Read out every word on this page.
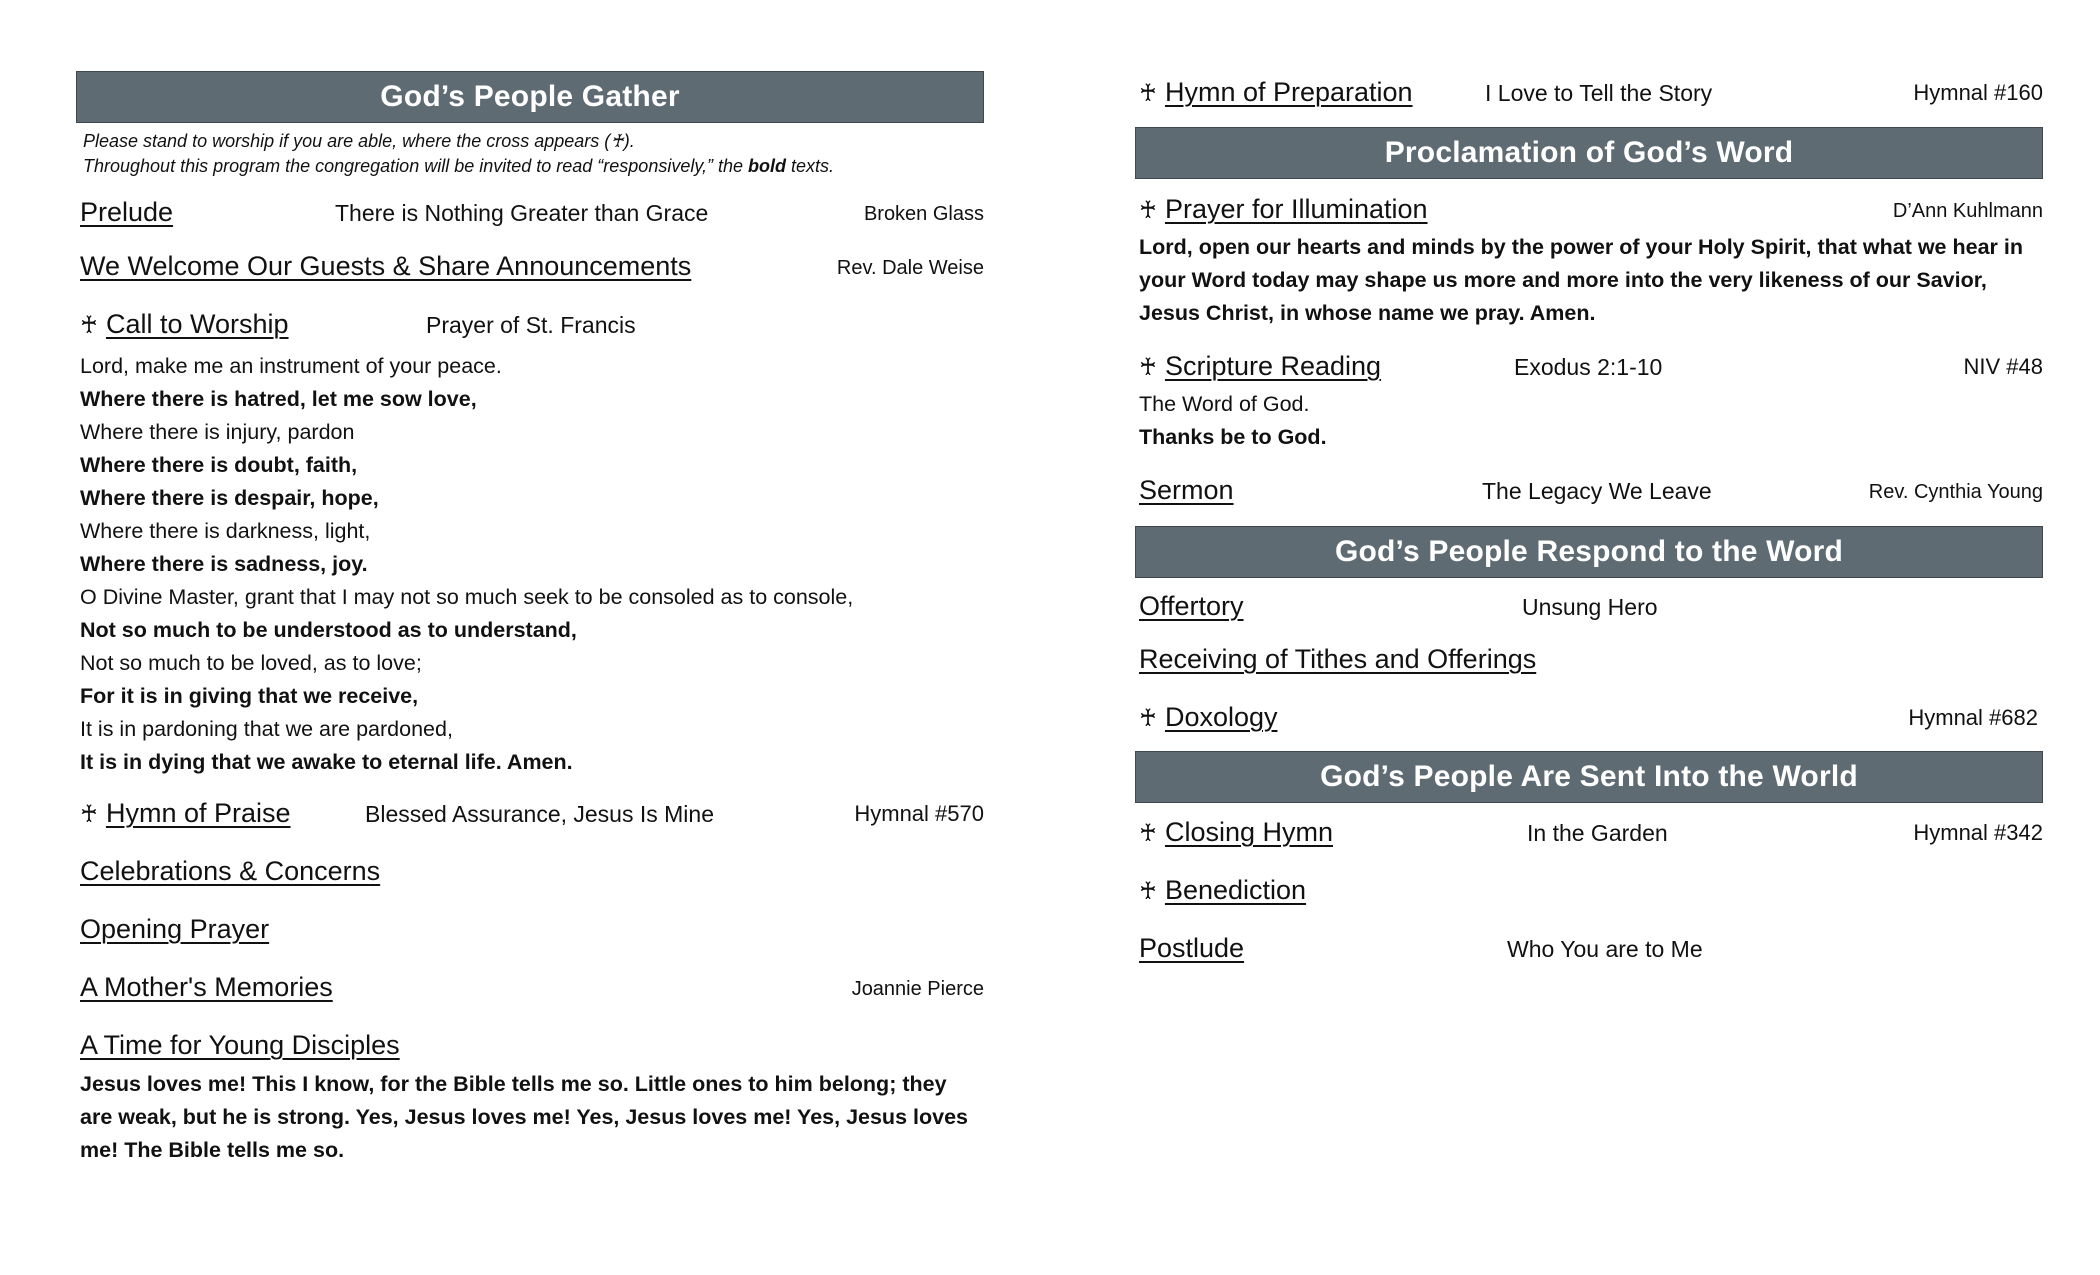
God’s People Gather
Please stand to worship if you are able, where the cross appears (♰).
Throughout this program the congregation will be invited to read “responsively,” the bold texts.
Prelude	There is Nothing Greater than Grace	Broken Glass
We Welcome Our Guests & Share Announcements	Rev. Dale Weise
♰ Call to Worship	Prayer of St. Francis
Lord, make me an instrument of your peace.
Where there is hatred, let me sow love,
Where there is injury, pardon
Where there is doubt, faith,
Where there is despair, hope,
Where there is darkness, light,
Where there is sadness, joy.
O Divine Master, grant that I may not so much seek to be consoled as to console,
Not so much to be understood as to understand,
Not so much to be loved, as to love;
For it is in giving that we receive,
It is in pardoning that we are pardoned,
It is in dying that we awake to eternal life. Amen.
♰ Hymn of Praise	Blessed Assurance, Jesus Is Mine	Hymnal #570
Celebrations & Concerns
Opening Prayer
A Mother's Memories	Joannie Pierce
A Time for Young Disciples
Jesus loves me! This I know, for the Bible tells me so. Little ones to him belong; they are weak, but he is strong. Yes, Jesus loves me! Yes, Jesus loves me! Yes, Jesus loves me! The Bible tells me so.
♰ Hymn of Preparation	I Love to Tell the Story	Hymnal #160
Proclamation of God’s Word
♰ Prayer for Illumination	D’Ann Kuhlmann
Lord, open our hearts and minds by the power of your Holy Spirit, that what we hear in your Word today may shape us more and more into the very likeness of our Savior, Jesus Christ, in whose name we pray. Amen.
♰ Scripture Reading	Exodus 2:1-10	NIV #48
The Word of God.
Thanks be to God.
Sermon	The Legacy We Leave	Rev. Cynthia Young
God’s People Respond to the Word
Offertory	Unsung Hero
Receiving of Tithes and Offerings
♰ Doxology	Hymnal #682
God’s People Are Sent Into the World
♰ Closing Hymn	In the Garden	Hymnal #342
♰ Benediction
Postlude	Who You are to Me
